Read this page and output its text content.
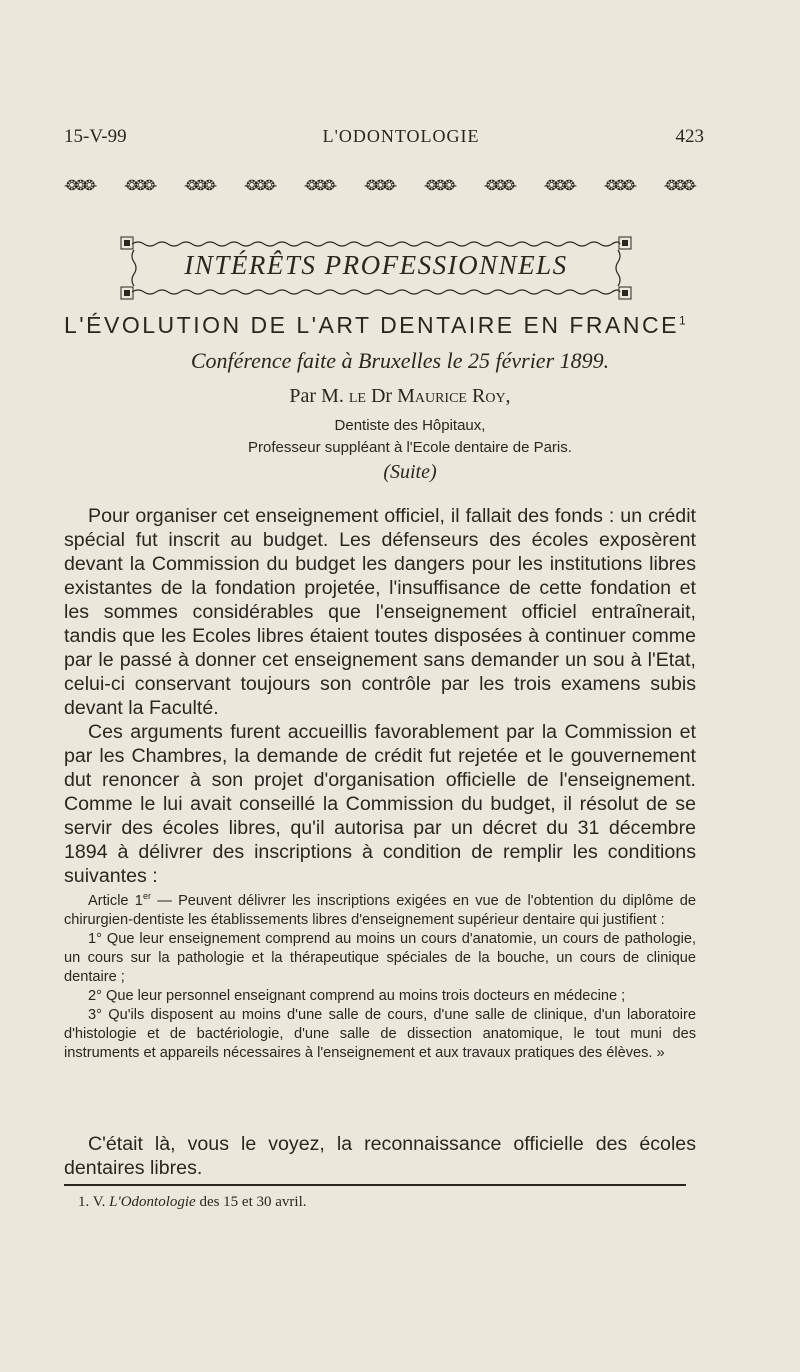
15-V-99	L'ODONTOLOGIE	423
-❂❂❂- -❂❂❂- -❂❂❂- -❂❂❂- -❂❂❂- -❂❂❂- -❂❂❂- -❂❂❂- -❂❂❂- -❂❂❂- -❂❂❂-
INTÉRÊTS PROFESSIONNELS
L'ÉVOLUTION DE L'ART DENTAIRE EN FRANCE$^1$
Conférence faite à Bruxelles le 25 février 1899.
Par M. le Dr Maurice Roy,
Dentiste des Hôpitaux,
Professeur suppléant à l'Ecole dentaire de Paris.
(Suite)
Pour organiser cet enseignement officiel, il fallait des fonds : un crédit spécial fut inscrit au budget. Les défenseurs des écoles exposèrent devant la Commission du budget les dangers pour les institutions libres existantes de la fondation projetée, l'insuffisance de cette fondation et les sommes considérables que l'enseignement officiel entraînerait, tandis que les Ecoles libres étaient toutes disposées à continuer comme par le passé à donner cet enseignement sans demander un sou à l'Etat, celui-ci conservant toujours son contrôle par les trois examens subis devant la Faculté.
Ces arguments furent accueillis favorablement par la Commission et par les Chambres, la demande de crédit fut rejetée et le gouvernement dut renoncer à son projet d'organisation officielle de l'enseignement. Comme le lui avait conseillé la Commission du budget, il résolut de se servir des écoles libres, qu'il autorisa par un décret du 31 décembre 1894 à délivrer des inscriptions à condition de remplir les conditions suivantes :

Article 1er — Peuvent délivrer les inscriptions exigées en vue de l'obtention du diplôme de chirurgien-dentiste les établissements libres d'enseignement supérieur dentaire qui justifient :

1° Que leur enseignement comprend au moins un cours d'anatomie, un cours de pathologie, un cours sur la pathologie et la thérapeutique spéciales de la bouche, un cours de clinique dentaire ;

2° Que leur personnel enseignant comprend au moins trois docteurs en médecine ;

3° Qu'ils disposent au moins d'une salle de cours, d'une salle de clinique, d'un laboratoire d'histologie et de bactériologie, d'une salle de dissection anatomique, le tout muni des instruments et appareils nécessaires à l'enseignement et aux travaux pratiques des élèves. »

C'était là, vous le voyez, la reconnaissance officielle des écoles dentaires libres.
1. V. L'Odontologie des 15 et 30 avril.
